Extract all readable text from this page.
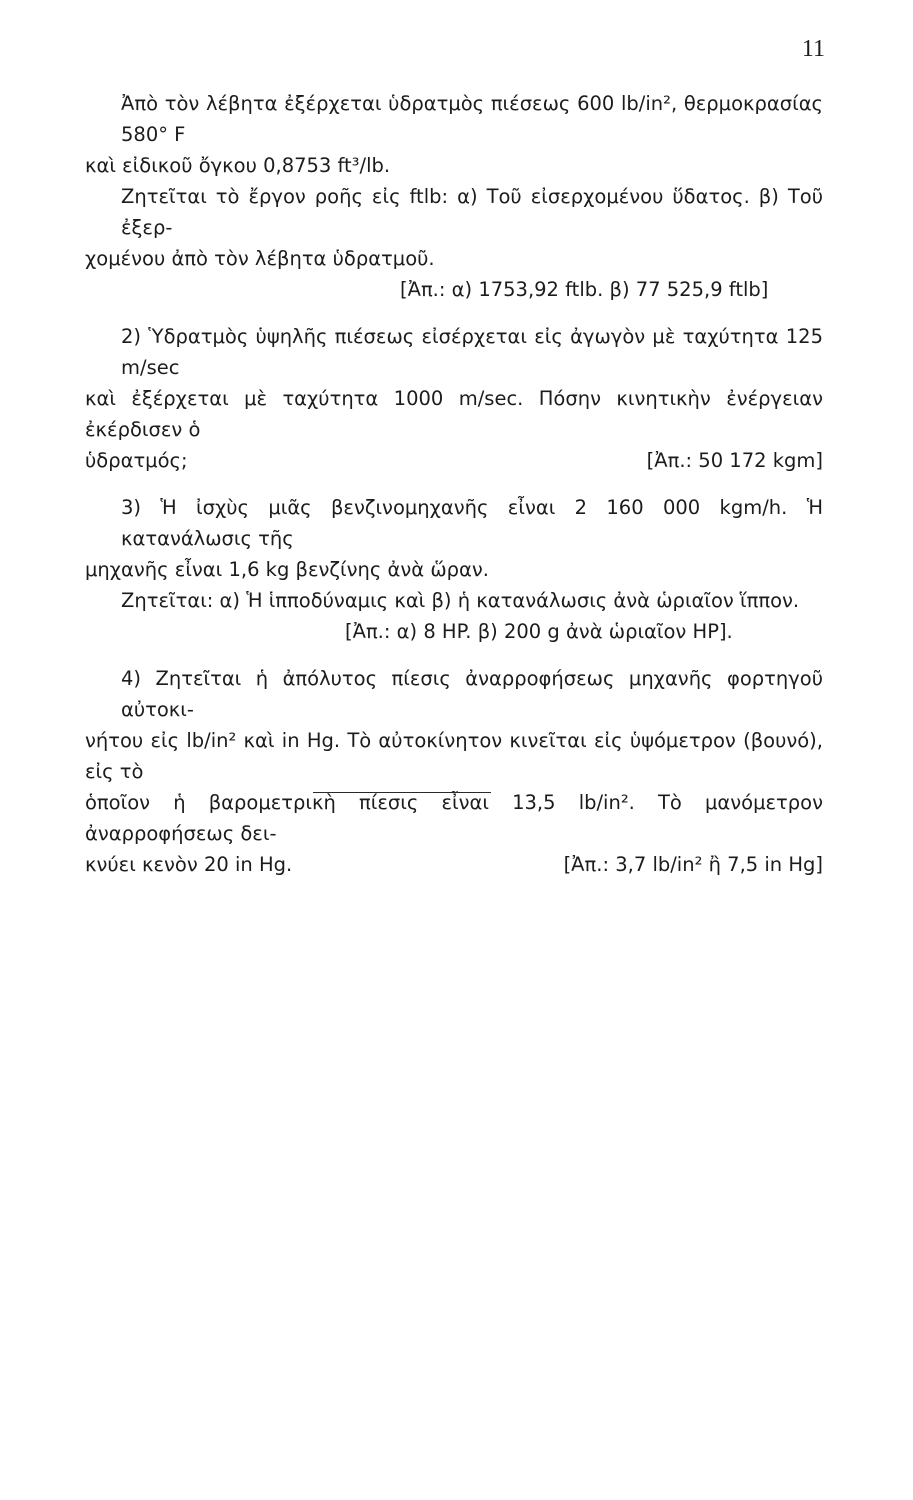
11
Ἀπὸ τὸν λέβητα ἐξέρχεται ὑδρατμὸς πιέσεως 600 lb/in², θερμοκρασίας 580° F
καὶ εἰδικοῦ ὄγκου 0,8753 ft³/lb.
Ζητεῖται τὸ ἔργον ροῆς εἰς ftlb: α) Τοῦ εἰσερχομένου ὕδατος. β) Τοῦ ἐξερ-
χομένου ἀπὸ τὸν λέβητα ὑδρατμοῦ.
[Ἀπ.: α) 1753,92 ftlb. β) 77 525,9 ftlb]
2) Ὑδρατμὸς ὑψηλῆς πιέσεως εἰσέρχεται εἰς ἀγωγὸν μὲ ταχύτητα 125 m/sec
καὶ ἐξέρχεται μὲ ταχύτητα 1000 m/sec. Πόσην κινητικὴν ἐνέργειαν ἐκέρδισεν ὁ
ὑδρατμός;	[Ἀπ.: 50 172 kgm]
3) Ἡ ἰσχὺς μιᾶς βενζινομηχανῆς εἶναι 2 160 000 kgm/h. Ἡ κατανάλωσις τῆς
μηχανῆς εἶναι 1,6 kg βενζίνης ἀνὰ ὥραν.
Ζητεῖται: α) Ἡ ἱπποδύναμις καὶ β) ἡ κατανάλωσις ἀνὰ ὡριαῖον ἵππον.
[Ἀπ.: α) 8 HP. β) 200 g ἀνὰ ὡριαῖον HP].
4) Ζητεῖται ἡ ἀπόλυτος πίεσις ἀναρροφήσεως μηχανῆς φορτηγοῦ αὐτοκι-
νήτου εἰς lb/in² καὶ in Hg. Τὸ αὐτοκίνητον κινεῖται εἰς ὑψόμετρον (βουνό), εἰς τὸ
ὁποῖον ἡ βαρομετρικὴ πίεσις εἶναι 13,5 lb/in². Τὸ μανόμετρον ἀναρροφήσεως δει-
κνύει κενὸν 20 in Hg.	[Ἀπ.: 3,7 lb/in² ἢ 7,5 in Hg]
